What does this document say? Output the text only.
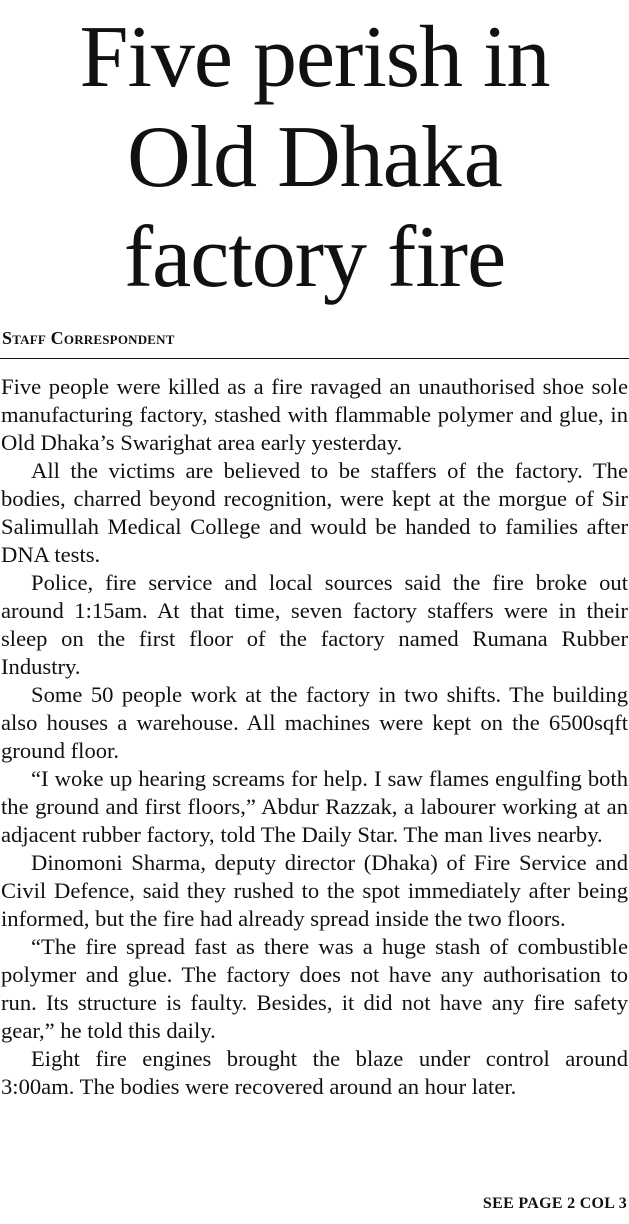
Five perish in
Old Dhaka
factory fire
Staff Correspondent

Five people were killed as a fire ravaged an unauthorised shoe sole manufacturing factory, stashed with flammable polymer and glue, in Old Dhaka’s Swarighat area early yesterday.

All the victims are believed to be staffers of the factory. The bodies, charred beyond recognition, were kept at the morgue of Sir Salimullah Medical College and would be handed to families after DNA tests.

Police, fire service and local sources said the fire broke out around 1:15am. At that time, seven factory staffers were in their sleep on the first floor of the factory named Rumana Rubber Industry.

Some 50 people work at the factory in two shifts. The building also houses a warehouse. All machines were kept on the 6500sqft ground floor.

“I woke up hearing screams for help. I saw flames engulfing both the ground and first floors,” Abdur Razzak, a labourer working at an adjacent rubber factory, told The Daily Star. The man lives nearby.

Dinomoni Sharma, deputy director (Dhaka) of Fire Service and Civil Defence, said they rushed to the spot immediately after being informed, but the fire had already spread inside the two floors.

“The fire spread fast as there was a huge stash of combustible polymer and glue. The factory does not have any authorisation to run. Its structure is faulty. Besides, it did not have any fire safety gear,” he told this daily.

Eight fire engines brought the blaze under control around 3:00am. The bodies were recovered around an hour later.

SEE PAGE 2 COL 3
